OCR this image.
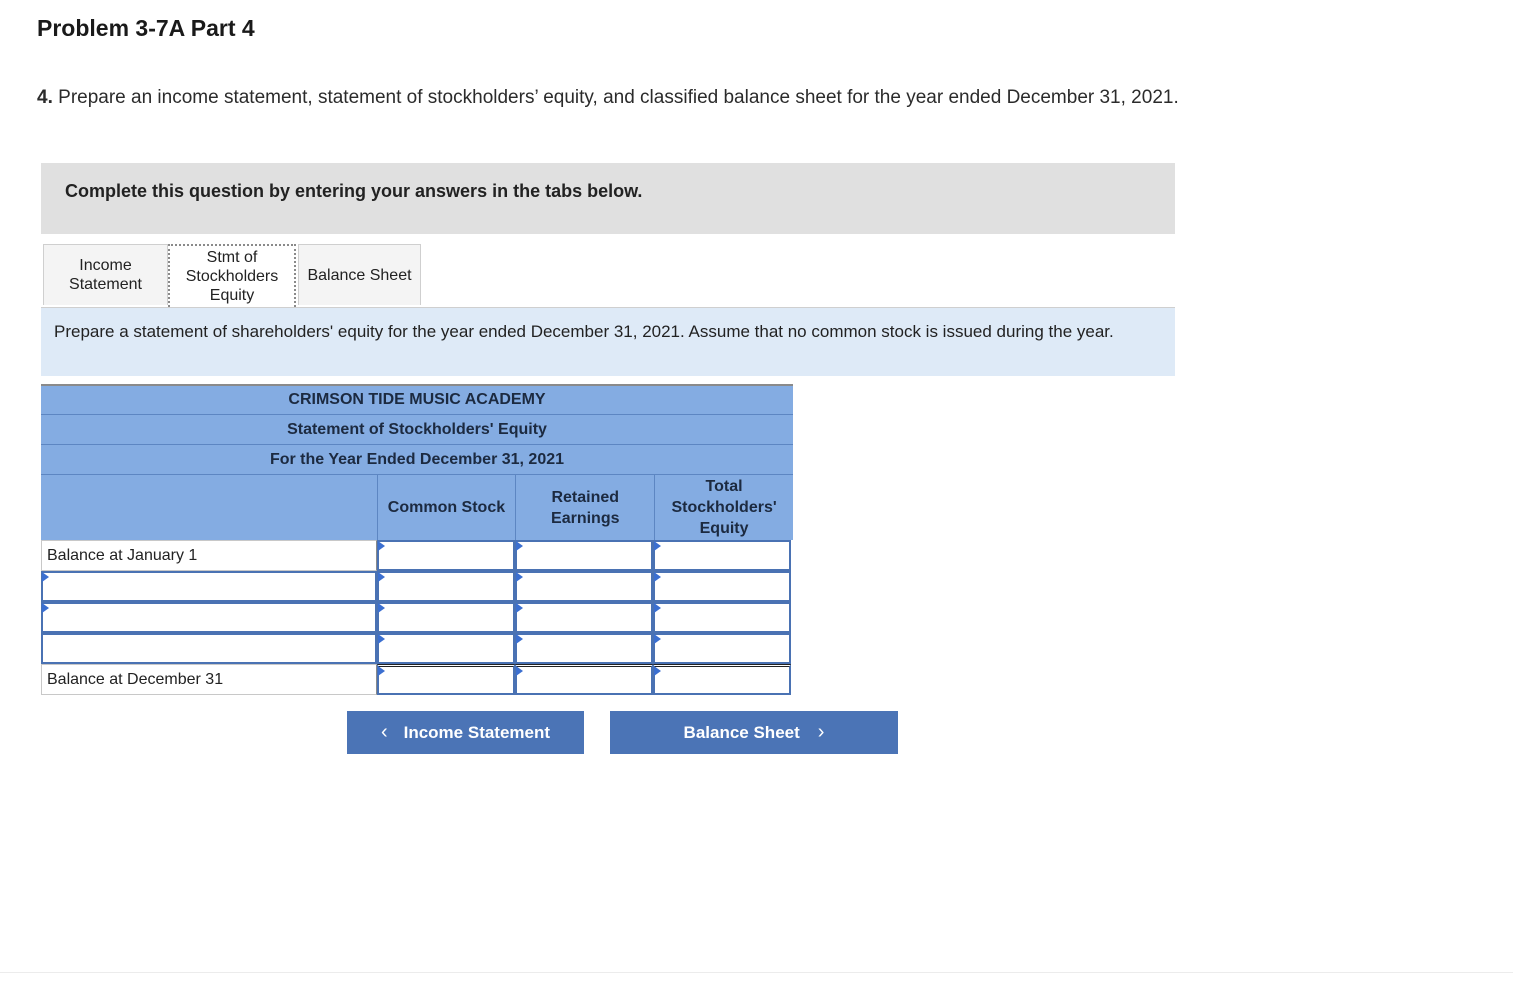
Problem 3-7A Part 4
4. Prepare an income statement, statement of stockholders’ equity, and classified balance sheet for the year ended December 31, 2021.
Complete this question by entering your answers in the tabs below.
Income
Statement
Stmt of
Stockholders
Equity
Balance Sheet
Prepare a statement of shareholders' equity for the year ended December 31, 2021. Assume that no common stock is issued during the year.
CRIMSON TIDE MUSIC ACADEMY
Statement of Stockholders' Equity
For the Year Ended December 31, 2021
Common Stock
Retained
Earnings
Total
Stockholders'
Equity
Balance at January 1
Balance at December 31
‹ Income Statement	Balance Sheet ›
